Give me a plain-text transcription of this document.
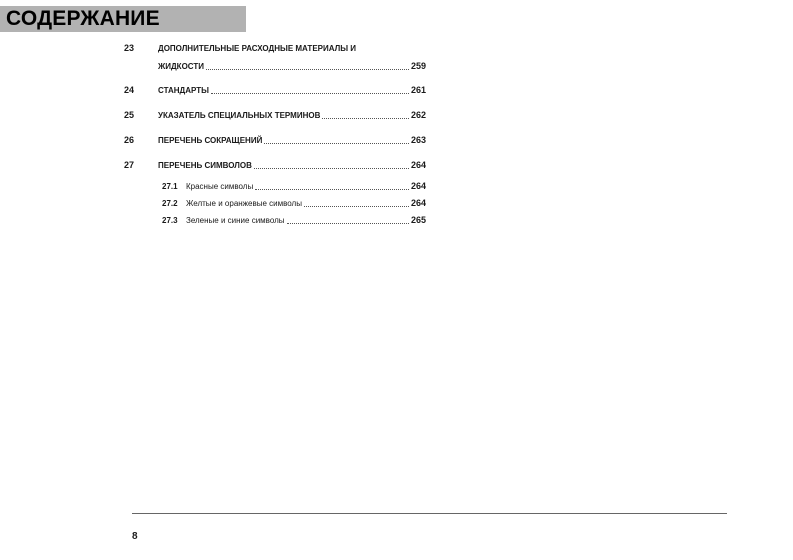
СОДЕРЖАНИЕ
23	ДОПОЛНИТЕЛЬНЫЕ РАСХОДНЫЕ МАТЕРИАЛЫ И
ЖИДКОСТИ	259
24	СТАНДАРТЫ	261
25	УКАЗАТЕЛЬ СПЕЦИАЛЬНЫХ ТЕРМИНОВ	262
26	ПЕРЕЧЕНЬ СОКРАЩЕНИЙ	263
27	ПЕРЕЧЕНЬ СИМВОЛОВ	264
27.1	Красные символы	264
27.2	Желтые и оранжевые символы	264
27.3	Зеленые и синие символы	265
8
